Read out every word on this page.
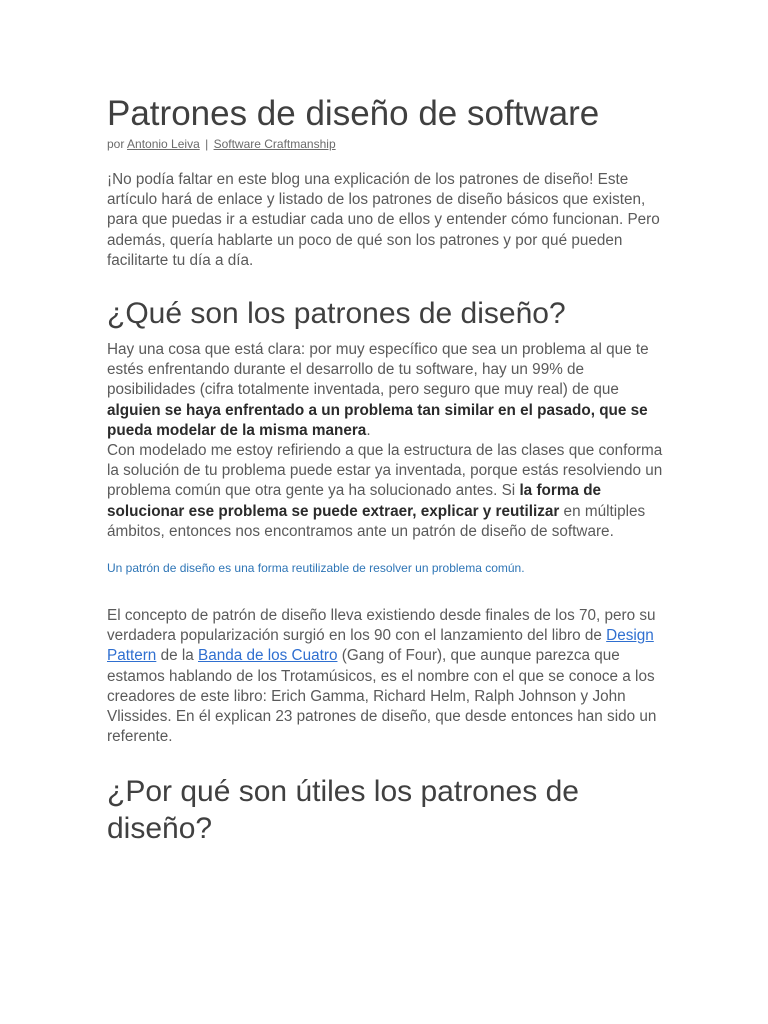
Patrones de diseño de software
por Antonio Leiva | Software Craftmanship

¡No podía faltar en este blog una explicación de los patrones de diseño! Este artículo hará de enlace y listado de los patrones de diseño básicos que existen, para que puedas ir a estudiar cada uno de ellos y entender cómo funcionan. Pero además, quería hablarte un poco de qué son los patrones y por qué pueden facilitarte tu día a día.

¿Qué son los patrones de diseño?

Hay una cosa que está clara: por muy específico que sea un problema al que te estés enfrentando durante el desarrollo de tu software, hay un 99% de posibilidades (cifra totalmente inventada, pero seguro que muy real) de que alguien se haya enfrentado a un problema tan similar en el pasado, que se pueda modelar de la misma manera.

Con modelado me estoy refiriendo a que la estructura de las clases que conforma la solución de tu problema puede estar ya inventada, porque estás resolviendo un problema común que otra gente ya ha solucionado antes. Si la forma de solucionar ese problema se puede extraer, explicar y reutilizar en múltiples ámbitos, entonces nos encontramos ante un patrón de diseño de software.

Un patrón de diseño es una forma reutilizable de resolver un problema común.

El concepto de patrón de diseño lleva existiendo desde finales de los 70, pero su verdadera popularización surgió en los 90 con el lanzamiento del libro de Design Pattern de la Banda de los Cuatro (Gang of Four), que aunque parezca que estamos hablando de los Trotamúsicos, es el nombre con el que se conoce a los creadores de este libro: Erich Gamma, Richard Helm, Ralph Johnson y John Vlissides. En él explican 23 patrones de diseño, que desde entonces han sido un referente.

¿Por qué son útiles los patrones de diseño?
